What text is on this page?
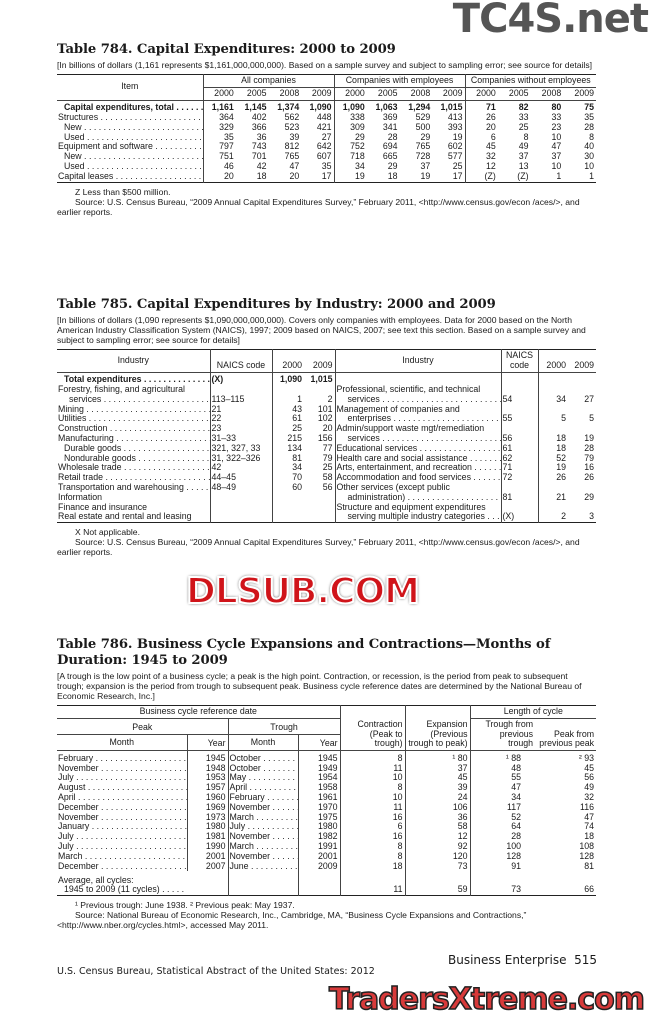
Table 784. Capital Expenditures: 2000 to 2009
[In billions of dollars (1,161 represents $1,161,000,000,000). Based on a sample survey and subject to sampling error; see source for details]
Item	All companies				Companies with employees				Companies without employees			
	2000	2005	2008	2009	2000	2005	2008	2009	2000	2005	2008	2009
Capital expenditures, total . . .	1,161	1,145	1,374	1,090	1,090	1,063	1,294	1,015	71	82	80	75
Structures . . .	364	402	562	448	338	369	529	413	26	33	33	35
New . . .	329	366	523	421	309	341	500	393	20	25	23	28
Used . . .	35	36	39	27	29	28	29	19	6	8	10	8
Equipment and software . . .	797	743	812	642	752	694	765	602	45	49	47	40
New . . .	751	701	765	607	718	665	728	577	32	37	37	30
Used . . .	46	42	47	35	34	29	37	25	12	13	10	10
Capital leases . . .	20	18	20	17	19	18	19	17	(Z)	(Z)	1	1

Z Less than $500 million.

Source: U.S. Census Bureau, “2009 Annual Capital Expenditures Survey,” February 2011, <http://www.census.gov/econ /aces/>, and earlier reports.

Table 785. Capital Expenditures by Industry: 2000 and 2009
[In billions of dollars (1,090 represents $1,090,000,000,000). Covers only companies with employees. Data for 2000 based on the North American Industry Classification System (NAICS), 1997; 2009 based on NAICS, 2007; see text this section. Based on a sample survey and subject to sampling error; see source for details]
Industry	NAICS code	2000	2009	Industry	NAICS code	2000	2009
Total expenditures . . .	(X)	1,090	1,015				
Forestry, fishing, and agricultural				Professional, scientific, and technical			
services . . .	113–115	1	2	services . . .	54	34	27
Mining . . .	21	43	101	Management of companies and			
Utilities . . .	22	61	102	enterprises . . .	55	5	5
Construction . . .	23	25	20	Admin/support waste mgt/remediation			
Manufacturing . . .	31–33	215	156	services . . .	56	18	19
Durable goods . . .	321, 327, 33	134	77	Educational services . . .	61	18	28
Nondurable goods . . .	31, 322–326	81	79	Health care and social assistance . . .	62	52	79
Wholesale trade . . .	42	34	25	Arts, entertainment, and recreation . . .	71	19	16
Retail trade . . .	44–45	70	58	Accommodation and food services . . .	72	26	26
Transportation and warehousing . . .	48–49	60	56	Other services (except public			
Information				administration) . . .	81	21	29
Finance and insurance				Structure and equipment expenditures			
Real estate and rental and leasing				serving multiple industry categories . . .	(X)	2	3

X Not applicable.

Source: U.S. Census Bureau, “2009 Annual Capital Expenditures Survey,” February 2011, <http://www.census.gov/econ /aces/>, and earlier reports.

Table 786. Business Cycle Expansions and Contractions—Months of Duration: 1945 to 2009
[A trough is the low point of a business cycle; a peak is the high point. Contraction, or recession, is the period from peak to subsequent trough; expansion is the period from trough to subsequent peak. Business cycle reference dates are determined by the National Bureau of Economic Research, Inc.]
Business cycle reference date				Contraction (Peak to trough)	Expansion (Previous trough to peak)	Length of cycle	
Peak		Trough				Trough from previous trough	Peak from previous peak
Month	Year	Month	Year				
February . . .	1945	October . . .	1945	8	¹ 80	¹ 88	² 93
November . . .	1948	October . . .	1949	11	37	48	45
July . . .	1953	May . . .	1954	10	45	55	56
August . . .	1957	April . . .	1958	8	39	47	49
April . . .	1960	February . . .	1961	10	24	34	32
December . . .	1969	November . . .	1970	11	106	117	116
November . . .	1973	March . . .	1975	16	36	52	47
January . . .	1980	July . . .	1980	6	58	64	74
July . . .	1981	November . . .	1982	16	12	28	18
July . . .	1990	March . . .	1991	8	92	100	108
March . . .	2001	November . . .	2001	8	120	128	128
December . . .	2007	June . . .	2009	18	73	91	81
Average, all cycles:							
1945 to 2009 (11 cycles) . . .				11	59	73	66

¹ Previous trough: June 1938. ² Previous peak: May 1937.

Source: National Bureau of Economic Research, Inc., Cambridge, MA, “Business Cycle Expansions and Contractions,” <http://www.nber.org/cycles.html>, accessed May 2011.

Business Enterprise 515
U.S. Census Bureau, Statistical Abstract of the United States: 2012
TC4S.net
DLSUB.COM
TradersXtreme.com
